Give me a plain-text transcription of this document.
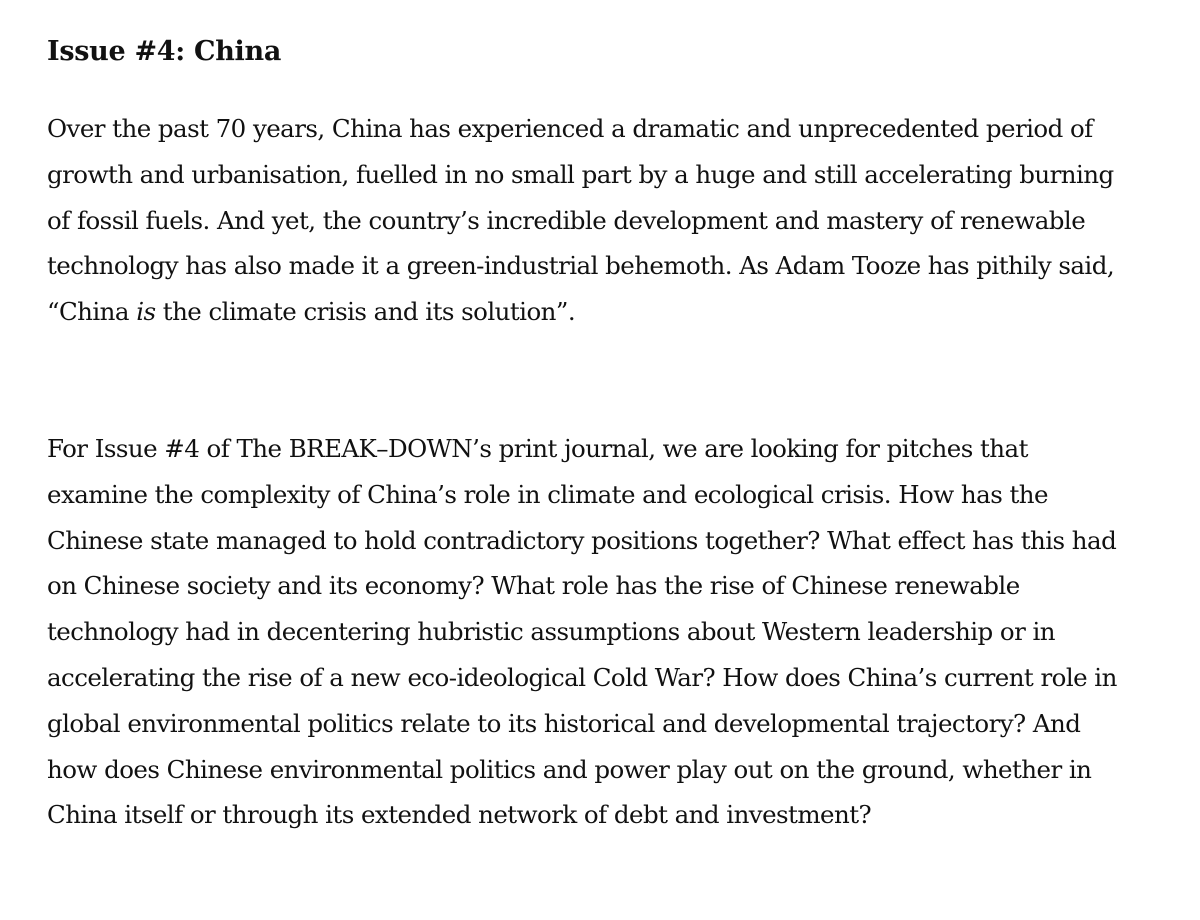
Issue #4: China

Over the past 70 years, China has experienced a dramatic and unprecedented period of growth and urbanisation, fuelled in no small part by a huge and still accelerating burning of fossil fuels. And yet, the country’s incredible development and mastery of renewable technology has also made it a green-industrial behemoth. As Adam Tooze has pithily said, “China is the climate crisis and its solution”.

For Issue #4 of The BREAK–DOWN’s print journal, we are looking for pitches that examine the complexity of China’s role in climate and ecological crisis. How has the Chinese state managed to hold contradictory positions together? What effect has this had on Chinese society and its economy? What role has the rise of Chinese renewable technology had in decentering hubristic assumptions about Western leadership or in accelerating the rise of a new eco-ideological Cold War? How does China’s current role in global environmental politics relate to its historical and developmental trajectory? And how does Chinese environmental politics and power play out on the ground, whether in China itself or through its extended network of debt and investment?
